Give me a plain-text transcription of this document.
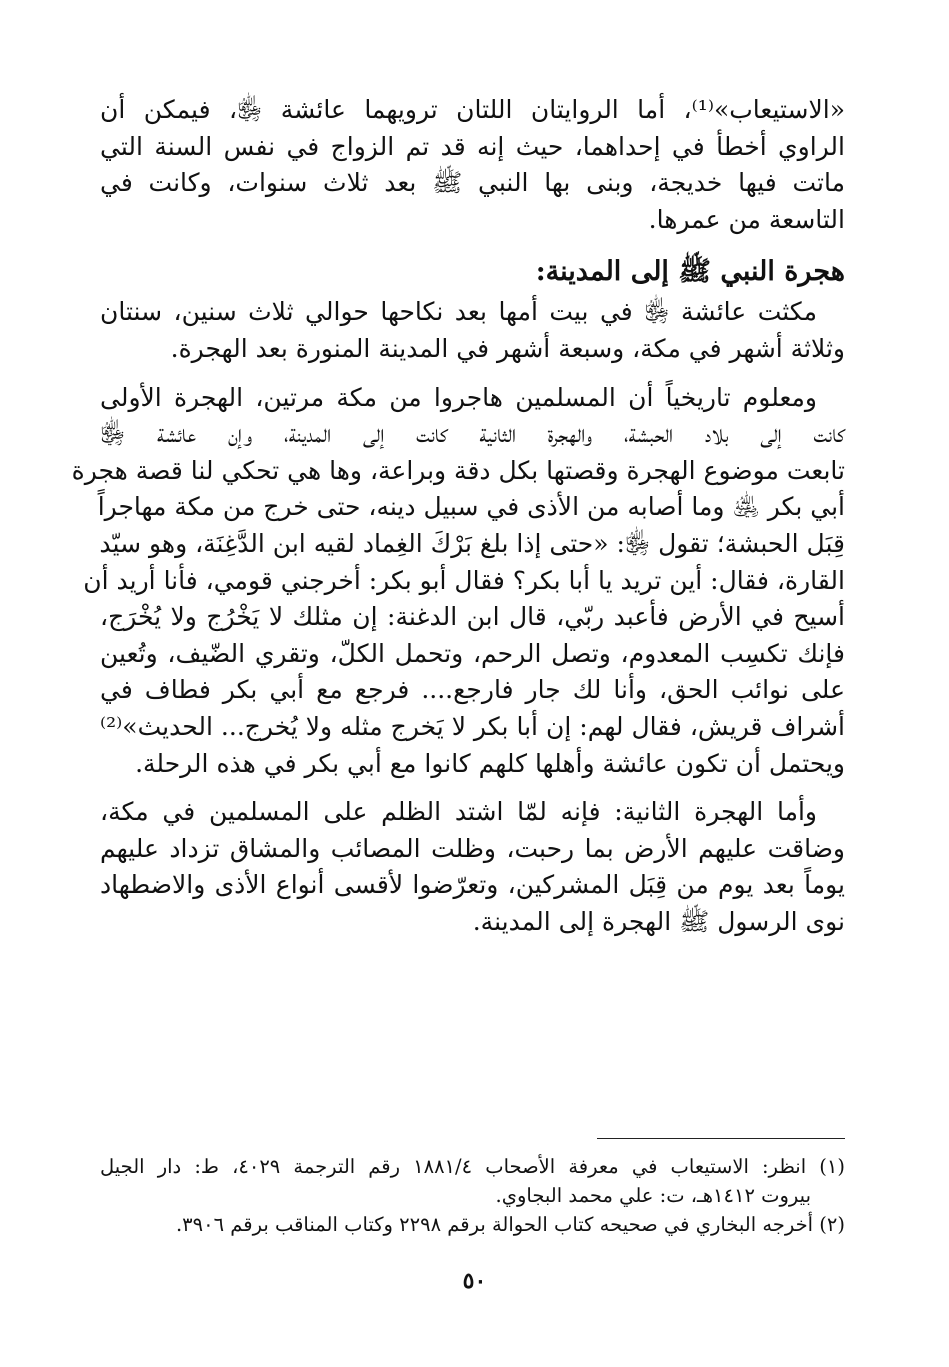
«الاستيعاب»⁽¹⁾، أما الروايتان اللتان ترويهما عائشة ﵂، فيمكن أن
الراوي أخطأ في إحداهما، حيث إنه قد تم الزواج في نفس السنة التي
ماتت فيها خديجة، وبنى بها النبي ﷺ بعد ثلاث سنوات، وكانت في
التاسعة من عمرها.

هجرة النبي ﷺ إلى المدينة:

مكثت عائشة ﵂ في بيت أمها بعد نكاحها حوالي ثلاث سنين، سنتان
وثلاثة أشهر في مكة، وسبعة أشهر في المدينة المنورة بعد الهجرة.

ومعلوم تاريخياً أن المسلمين هاجروا من مكة مرتين، الهجرة الأولى
كانت إلى بلاد الحبشة، والهجرة الثانية كانت إلى المدينة، وإن عائشة ﵂
تابعت موضوع الهجرة وقصتها بكل دقة وبراعة، وها هي تحكي لنا قصة هجرة
أبي بكر ﵁ وما أصابه من الأذى في سبيل دينه، حتى خرج من مكة مهاجراً
قِبَل الحبشة؛ تقول ﵂: «حتى إذا بلغ بَرْكَ الغِماد لقيه ابن الدَّغِنَة، وهو سيّد
القارة، فقال: أين تريد يا أبا بكر؟ فقال أبو بكر: أخرجني قومي، فأنا أريد أن
أسيح في الأرض فأعبد ربّي، قال ابن الدغنة: إن مثلك لا يَخْرُج ولا يُخْرَج،
فإنك تكسِب المعدوم، وتصل الرحم، وتحمل الكلّ، وتقري الضّيف، وتُعين
على نوائب الحق، وأنا لك جار فارجع.... فرجع مع أبي بكر فطاف في
أشراف قريش، فقال لهم: إن أبا بكر لا يَخرج مثله ولا يُخرج... الحديث»⁽²⁾
ويحتمل أن تكون عائشة وأهلها كلهم كانوا مع أبي بكر في هذه الرحلة.

وأما الهجرة الثانية: فإنه لمّا اشتد الظلم على المسلمين في مكة،
وضاقت عليهم الأرض بما رحبت، وظلت المصائب والمشاق تزداد عليهم
يوماً بعد يوم من قِبَل المشركين، وتعرّضوا لأقسى أنواع الأذى والاضطهاد
نوى الرسول ﷺ الهجرة إلى المدينة.

(١) انظر: الاستيعاب في معرفة الأصحاب ١٨٨١/٤ رقم الترجمة ٤٠٢٩، ط: دار الجيل
بيروت ١٤١٢هـ، ت: علي محمد البجاوي.
(٢) أخرجه البخاري في صحيحه كتاب الحوالة برقم ٢٢٩٨ وكتاب المناقب برقم ٣٩٠٦.
٥٠
